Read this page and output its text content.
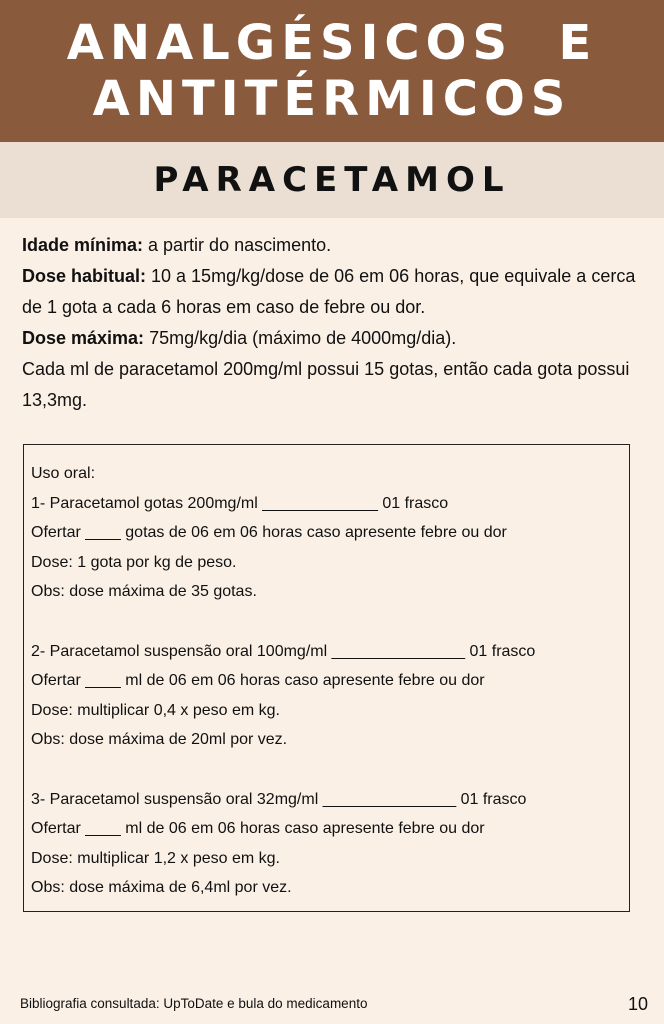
ANALGÉSICOS  E
ANTITÉRMICOS
PARACETAMOL

Idade mínima: a partir do nascimento.

Dose habitual: 10 a 15mg/kg/dose de 06 em 06 horas, que equivale a cerca de 1 gota a cada 6 horas em caso de febre ou dor.

Dose máxima: 75mg/kg/dia (máximo de 4000mg/dia).

Cada ml de paracetamol 200mg/ml possui 15 gotas, então cada gota possui 13,3mg.

Uso oral:
1- Paracetamol gotas 200mg/ml _____________ 01 frasco
Ofertar ____ gotas de 06 em 06 horas caso apresente febre ou dor
Dose: 1 gota por kg de peso.
Obs: dose máxima de 35 gotas.
2- Paracetamol suspensão oral 100mg/ml _______________ 01 frasco
Ofertar ____ ml de 06 em 06 horas caso apresente febre ou dor
Dose: multiplicar 0,4 x peso em kg.
Obs: dose máxima de 20ml por vez.
3- Paracetamol suspensão oral 32mg/ml _______________ 01 frasco
Ofertar ____ ml de 06 em 06 horas caso apresente febre ou dor
Dose: multiplicar 1,2 x peso em kg.
Obs: dose máxima de 6,4ml por vez.
Bibliografia consultada: UpToDate e bula do medicamento	10
